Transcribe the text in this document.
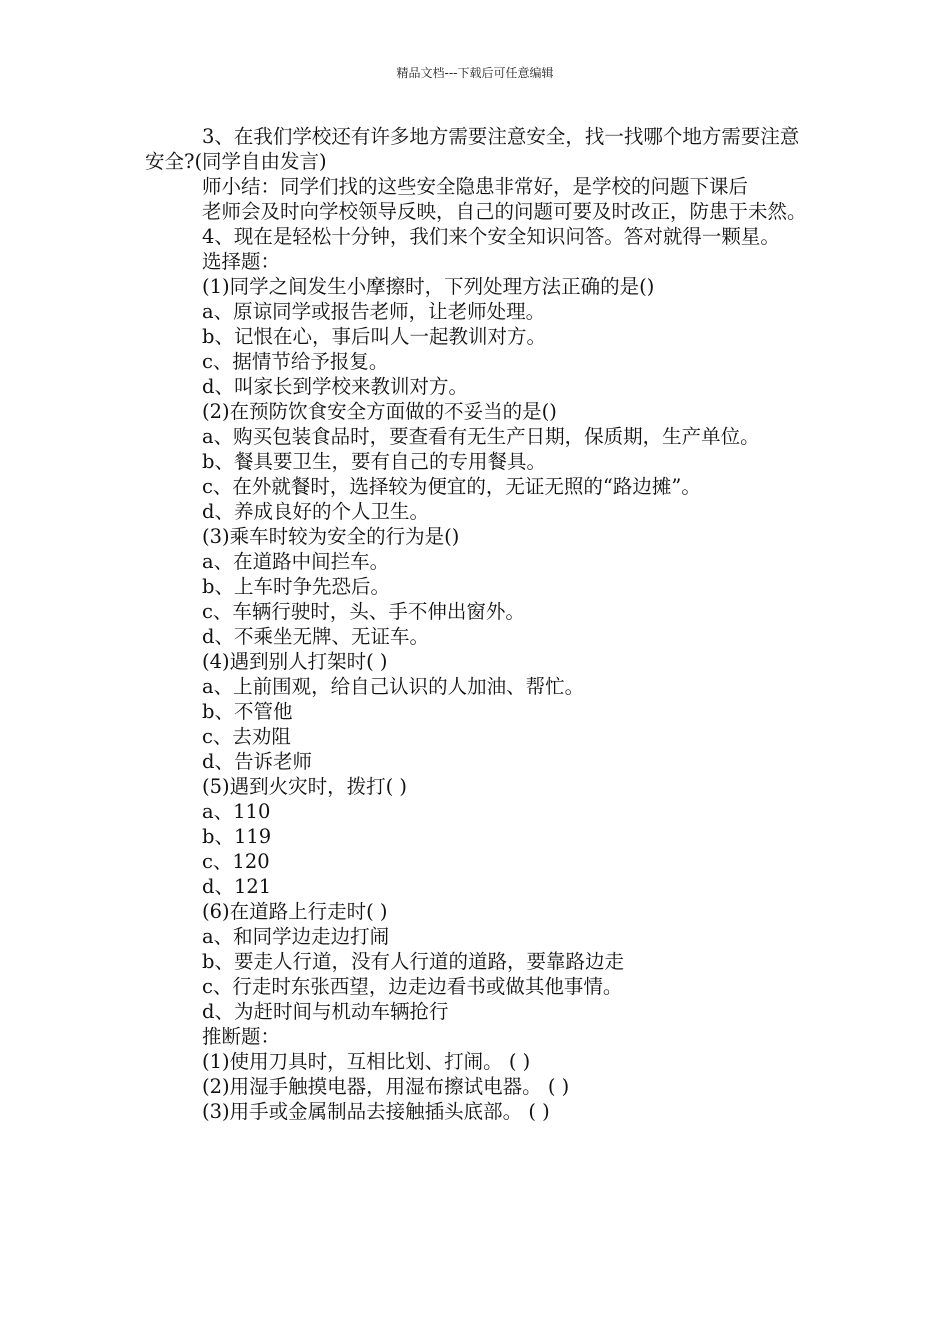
精品文档---下载后可任意编辑

3、在我们学校还有许多地方需要注意安全，找一找哪个地方需要注意安全?(同学自由发言)

师小结：同学们找的这些安全隐患非常好，是学校的问题下课后

老师会及时向学校领导反映，自己的问题可要及时改正，防患于未然。

4、现在是轻松十分钟，我们来个安全知识问答。答对就得一颗星。

选择题：

(1)同学之间发生小摩擦时，下列处理方法正确的是()

a、原谅同学或报告老师，让老师处理。

b、记恨在心，事后叫人一起教训对方。

c、据情节给予报复。

d、叫家长到学校来教训对方。

(2)在预防饮食安全方面做的不妥当的是()

a、购买包装食品时，要查看有无生产日期，保质期，生产单位。

b、餐具要卫生，要有自己的专用餐具。

c、在外就餐时，选择较为便宜的，无证无照的“路边摊”。

d、养成良好的个人卫生。

(3)乘车时较为安全的行为是()

a、在道路中间拦车。

b、上车时争先恐后。

c、车辆行驶时，头、手不伸出窗外。

d、不乘坐无牌、无证车。

(4)遇到别人打架时( )

a、上前围观，给自己认识的人加油、帮忙。

b、不管他

c、去劝阻

d、告诉老师

(5)遇到火灾时，拨打( )

a、110

b、119

c、120

d、121

(6)在道路上行走时( )

a、和同学边走边打闹

b、要走人行道，没有人行道的道路，要靠路边走

c、行走时东张西望，边走边看书或做其他事情。

d、为赶时间与机动车辆抢行

推断题：

(1)使用刀具时，互相比划、打闹。 ( )

(2)用湿手触摸电器，用湿布擦试电器。 ( )

(3)用手或金属制品去接触插头底部。 ( )
